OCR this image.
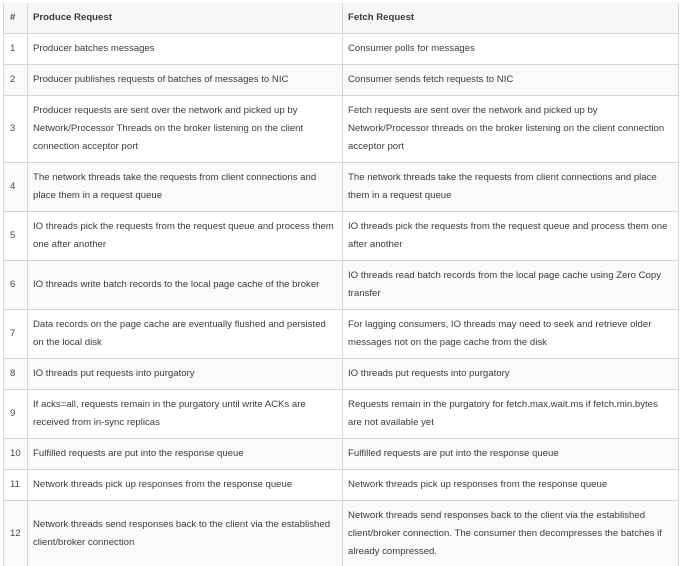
#	Produce Request	Fetch Request
1	Producer batches messages	Consumer polls for messages
2	Producer publishes requests of batches of messages to NIC	Consumer sends fetch requests to NIC
3	Producer requests are sent over the network and picked up by Network/Processor Threads on the broker listening on the client connection acceptor port	Fetch requests are sent over the network and picked up by Network/Processor threads on the broker listening on the client connection acceptor port
4	The network threads take the requests from client connections and place them in a request queue	The network threads take the requests from client connections and place them in a request queue
5	IO threads pick the requests from the request queue and process them one after another	IO threads pick the requests from the request queue and process them one after another
6	IO threads write batch records to the local page cache of the broker	IO threads read batch records from the local page cache using Zero Copy transfer
7	Data records on the page cache are eventually flushed and persisted on the local disk	For lagging consumers, IO threads may need to seek and retrieve older messages not on the page cache from the disk
8	IO threads put requests into purgatory	IO threads put requests into purgatory
9	If acks=all, requests remain in the purgatory until write ACKs are received from in-sync replicas	Requests remain in the purgatory for fetch.max.wait.ms if fetch.min.bytes are not available yet
10	Fulfilled requests are put into the response queue	Fulfilled requests are put into the response queue
11	Network threads pick up responses from the response queue	Network threads pick up responses from the response queue
12	Network threads send responses back to the client via the established client/broker connection	Network threads send responses back to the client via the established client/broker connection. The consumer then decompresses the batches if already compressed.
